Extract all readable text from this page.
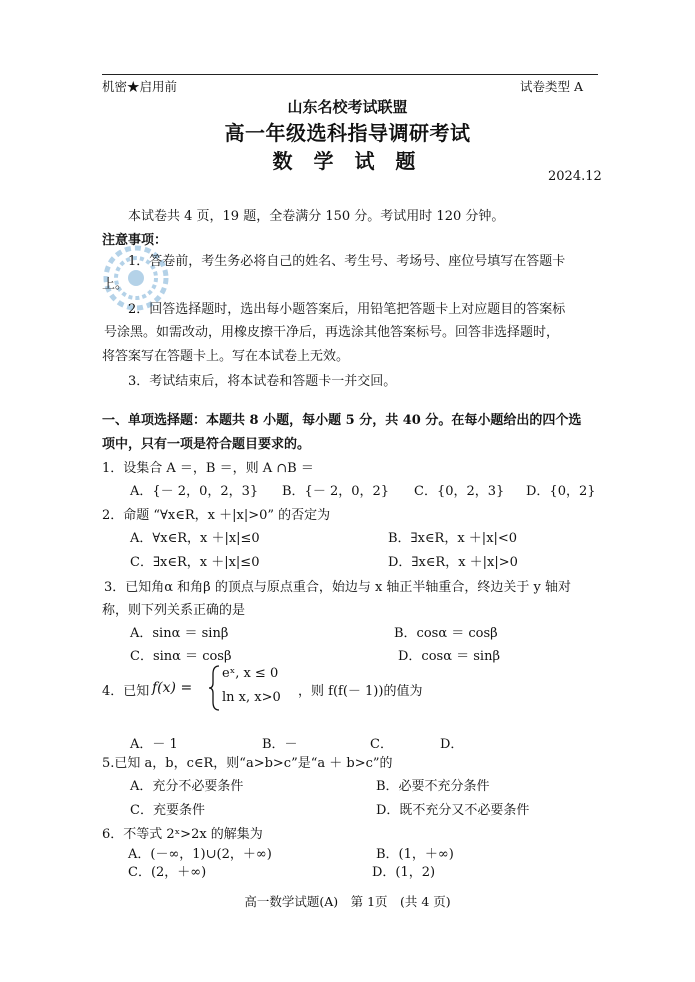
机密★启用前	试卷类型 A
山东名校考试联盟
高一年级选科指导调研考试
数 学 试 题
2024.12
本试卷共 4 页，19 题，全卷满分 150 分。考试用时 120 分钟。
注意事项：
1．答卷前，考生务必将自己的姓名、考生号、考场号、座位号填写在答题卡
上。
2．回答选择题时，选出每小题答案后，用铅笔把答题卡上对应题目的答案标
号涂黑。如需改动，用橡皮擦干净后，再选涂其他答案标号。回答非选择题时，
将答案写在答题卡上。写在本试卷上无效。
3．考试结束后，将本试卷和答题卡一并交回。
一、单项选择题：本题共 8 小题，每小题 5 分，共 40 分。在每小题给出的四个选
项中，只有一项是符合题目要求的。
1．设集合 A ＝，B ＝，则 A ∩B ＝
A．{－ 2，0，2，3} B．{－ 2，0，2} C．{0，2，3} D．{0，2}
2．命题 “∀x∈R，x ＋|x|>0” 的否定为
A．∀x∈R，x ＋|x|≤0	B．∃x∈R，x ＋|x|<0
C．∃x∈R，x ＋|x|≤0	D．∃x∈R，x ＋|x|>0
3．已知角α 和角β 的顶点与原点重合，始边与 x 轴正半轴重合，终边关于 y 轴对
称，则下列关系正确的是
A．sinα ＝ sinβ	B．cosα ＝ cosβ
C．sinα ＝ cosβ	D．cosα ＝ sinβ
4．已知 f(x) =
eˣ, x ≤ 0
ln x, x>0 ，则 f(f(－ 1))的值为
A．－ 1	B．－	C．	D．
5.已知 a，b，c∈R，则“a>b>c”是“a ＋ b>c”的
A．充分不必要条件	B．必要不充分条件
C．充要条件	D．既不充分又不必要条件
6．不等式 2ˣ>2x 的解集为
A．(－∞，1)∪(2，＋∞)	B．(1，＋∞)
C．(2，＋∞)	D．(1，2)
高一数学试题(A)　第 1页　(共 4 页)
